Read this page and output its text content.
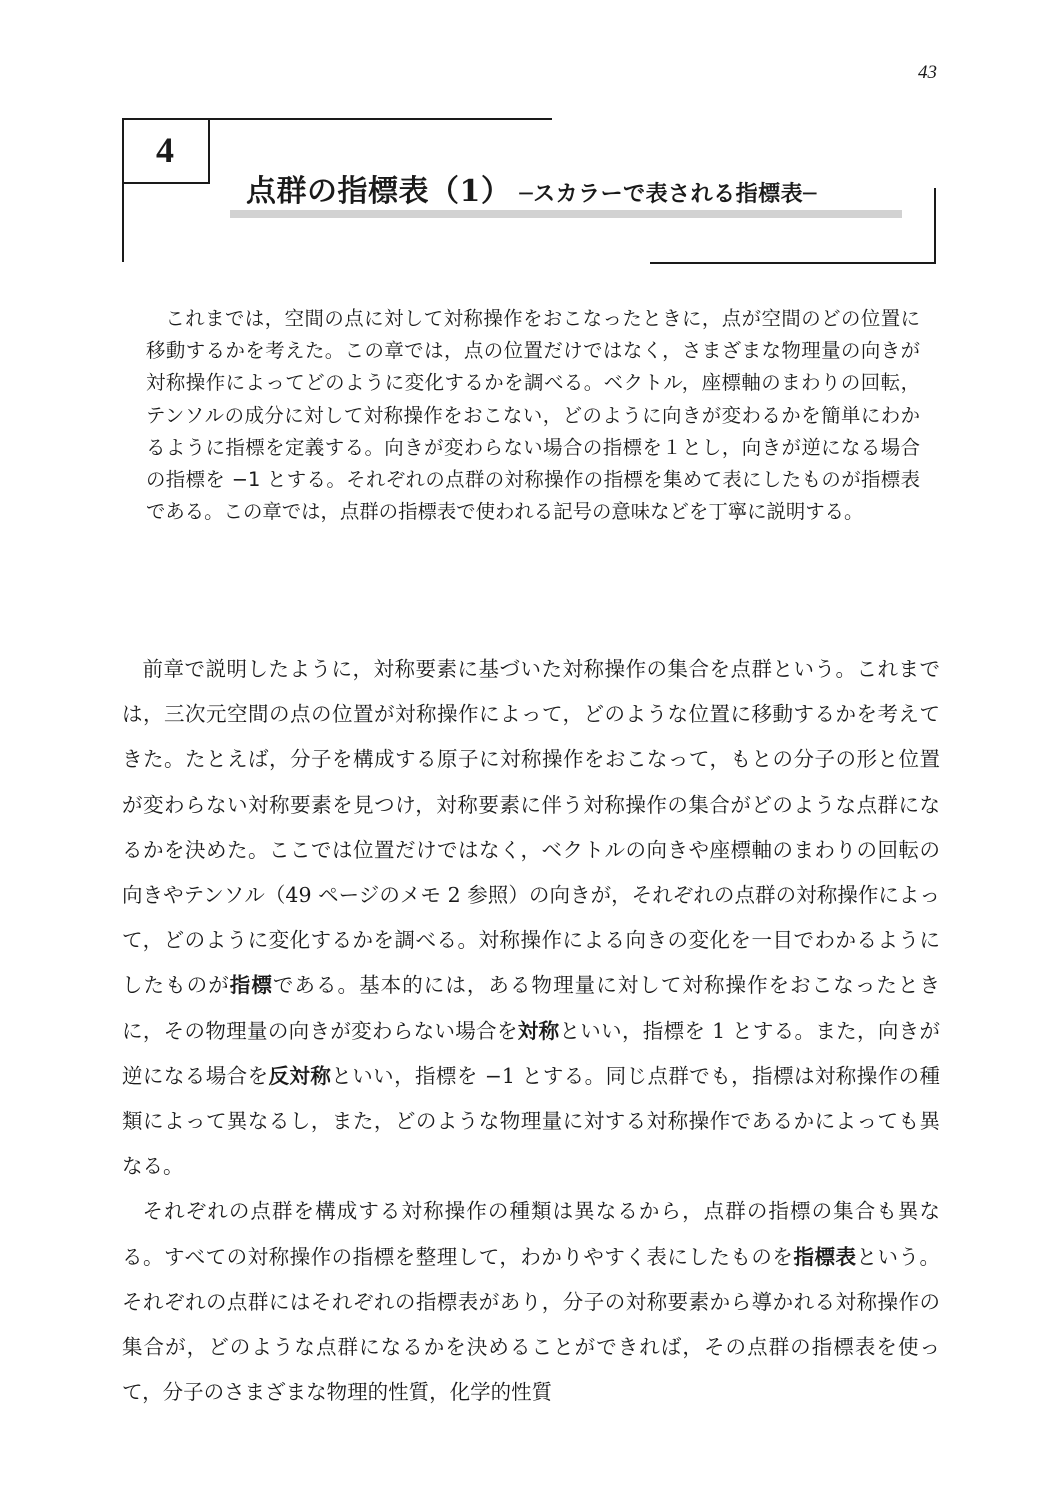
43
4
点群の指標表（1） ─スカラーで表される指標表─

これまでは，空間の点に対して対称操作をおこなったときに，点が空間のどの位置に移動するかを考えた。この章では，点の位置だけではなく，さまざまな物理量の向きが対称操作によってどのように変化するかを調べる。ベクトル，座標軸のまわりの回転，テンソルの成分に対して対称操作をおこない，どのように向きが変わるかを簡単にわかるように指標を定義する。向きが変わらない場合の指標を１とし，向きが逆になる場合の指標を −1 とする。それぞれの点群の対称操作の指標を集めて表にしたものが指標表である。この章では，点群の指標表で使われる記号の意味などを丁寧に説明する。

前章で説明したように，対称要素に基づいた対称操作の集合を点群という。これまでは，三次元空間の点の位置が対称操作によって，どのような位置に移動するかを考えてきた。たとえば，分子を構成する原子に対称操作をおこなって，もとの分子の形と位置が変わらない対称要素を見つけ，対称要素に伴う対称操作の集合がどのような点群になるかを決めた。ここでは位置だけではなく，ベクトルの向きや座標軸のまわりの回転の向きやテンソル（49 ページのメモ 2 参照）の向きが，それぞれの点群の対称操作によって，どのように変化するかを調べる。対称操作による向きの変化を一目でわかるようにしたものが指標である。基本的には，ある物理量に対して対称操作をおこなったときに，その物理量の向きが変わらない場合を対称といい，指標を 1 とする。また，向きが逆になる場合を反対称といい，指標を −1 とする。同じ点群でも，指標は対称操作の種類によって異なるし，また，どのような物理量に対する対称操作であるかによっても異なる。

それぞれの点群を構成する対称操作の種類は異なるから，点群の指標の集合も異なる。すべての対称操作の指標を整理して，わかりやすく表にしたものを指標表という。それぞれの点群にはそれぞれの指標表があり，分子の対称要素から導かれる対称操作の集合が，どのような点群になるかを決めることができれば，その点群の指標表を使って，分子のさまざまな物理的性質，化学的性質
